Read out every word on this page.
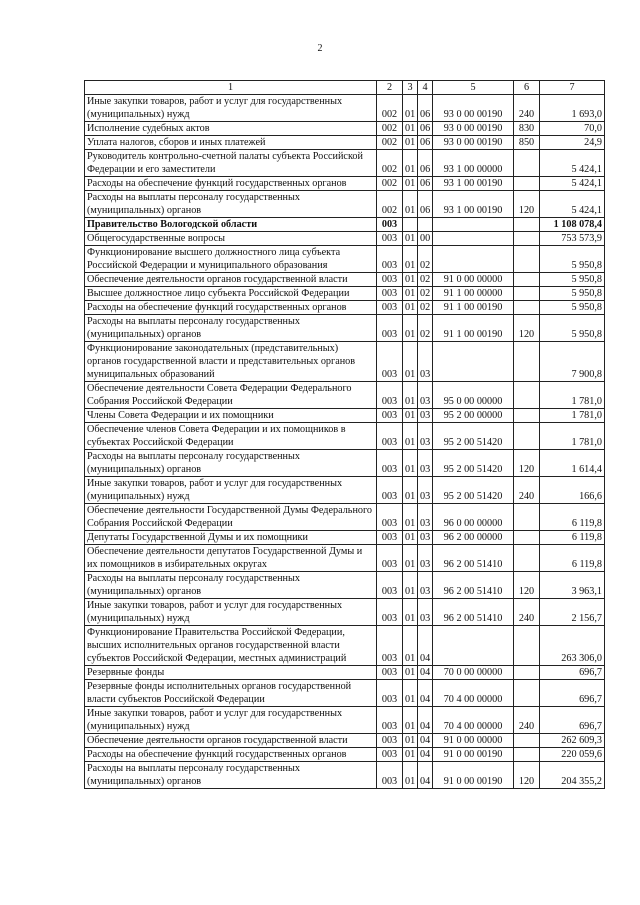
2
1	2	3	4	5	6	7
Иные закупки товаров, работ и услуг для государственных (муниципальных) нужд	002	01	06	93 0 00 00190	240	1 693,0
Исполнение судебных актов	002	01	06	93 0 00 00190	830	70,0
Уплата налогов, сборов и иных платежей	002	01	06	93 0 00 00190	850	24,9
Руководитель контрольно-счетной палаты субъекта Российской Федерации и его заместители	002	01	06	93 1 00 00000		5 424,1
Расходы на обеспечение функций государственных органов	002	01	06	93 1 00 00190		5 424,1
Расходы на выплаты персоналу государственных (муниципальных) органов	002	01	06	93 1 00 00190	120	5 424,1
Правительство Вологодской области	003					1 108 078,4
Общегосударственные вопросы	003	01	00			753 573,9
Функционирование высшего должностного лица субъекта Российской Федерации и муниципального образования	003	01	02			5 950,8
Обеспечение деятельности органов государственной власти	003	01	02	91 0 00 00000		5 950,8
Высшее должностное лицо субъекта Российской Федерации	003	01	02	91 1 00 00000		5 950,8
Расходы на обеспечение функций государственных органов	003	01	02	91 1 00 00190		5 950,8
Расходы на выплаты персоналу государственных (муниципальных) органов	003	01	02	91 1 00 00190	120	5 950,8
Функционирование законодательных (представительных) органов государственной власти и представительных органов муниципальных образований	003	01	03			7 900,8
Обеспечение деятельности Совета Федерации Федерального Собрания Российской Федерации	003	01	03	95 0 00 00000		1 781,0
Члены Совета Федерации и их помощники	003	01	03	95 2 00 00000		1 781,0
Обеспечение членов Совета Федерации и их помощников в субъектах Российской Федерации	003	01	03	95 2 00 51420		1 781,0
Расходы на выплаты персоналу государственных (муниципальных) органов	003	01	03	95 2 00 51420	120	1 614,4
Иные закупки товаров, работ и услуг для государственных (муниципальных) нужд	003	01	03	95 2 00 51420	240	166,6
Обеспечение деятельности Государственной Думы Федерального Собрания Российской Федерации	003	01	03	96 0 00 00000		6 119,8
Депутаты Государственной Думы и их помощники	003	01	03	96 2 00 00000		6 119,8
Обеспечение деятельности депутатов Государственной Думы и их помощников в избирательных округах	003	01	03	96 2 00 51410		6 119,8
Расходы на выплаты персоналу государственных (муниципальных) органов	003	01	03	96 2 00 51410	120	3 963,1
Иные закупки товаров, работ и услуг для государственных (муниципальных) нужд	003	01	03	96 2 00 51410	240	2 156,7
Функционирование Правительства Российской Федерации, высших исполнительных органов государственной власти субъектов Российской Федерации, местных администраций	003	01	04			263 306,0
Резервные фонды	003	01	04	70 0 00 00000		696,7
Резервные фонды исполнительных органов государственной власти субъектов Российской Федерации	003	01	04	70 4 00 00000		696,7
Иные закупки товаров, работ и услуг для государственных (муниципальных) нужд	003	01	04	70 4 00 00000	240	696,7
Обеспечение деятельности органов государственной власти	003	01	04	91 0 00 00000		262 609,3
Расходы на обеспечение функций государственных органов	003	01	04	91 0 00 00190		220 059,6
Расходы на выплаты персоналу государственных (муниципальных) органов	003	01	04	91 0 00 00190	120	204 355,2
